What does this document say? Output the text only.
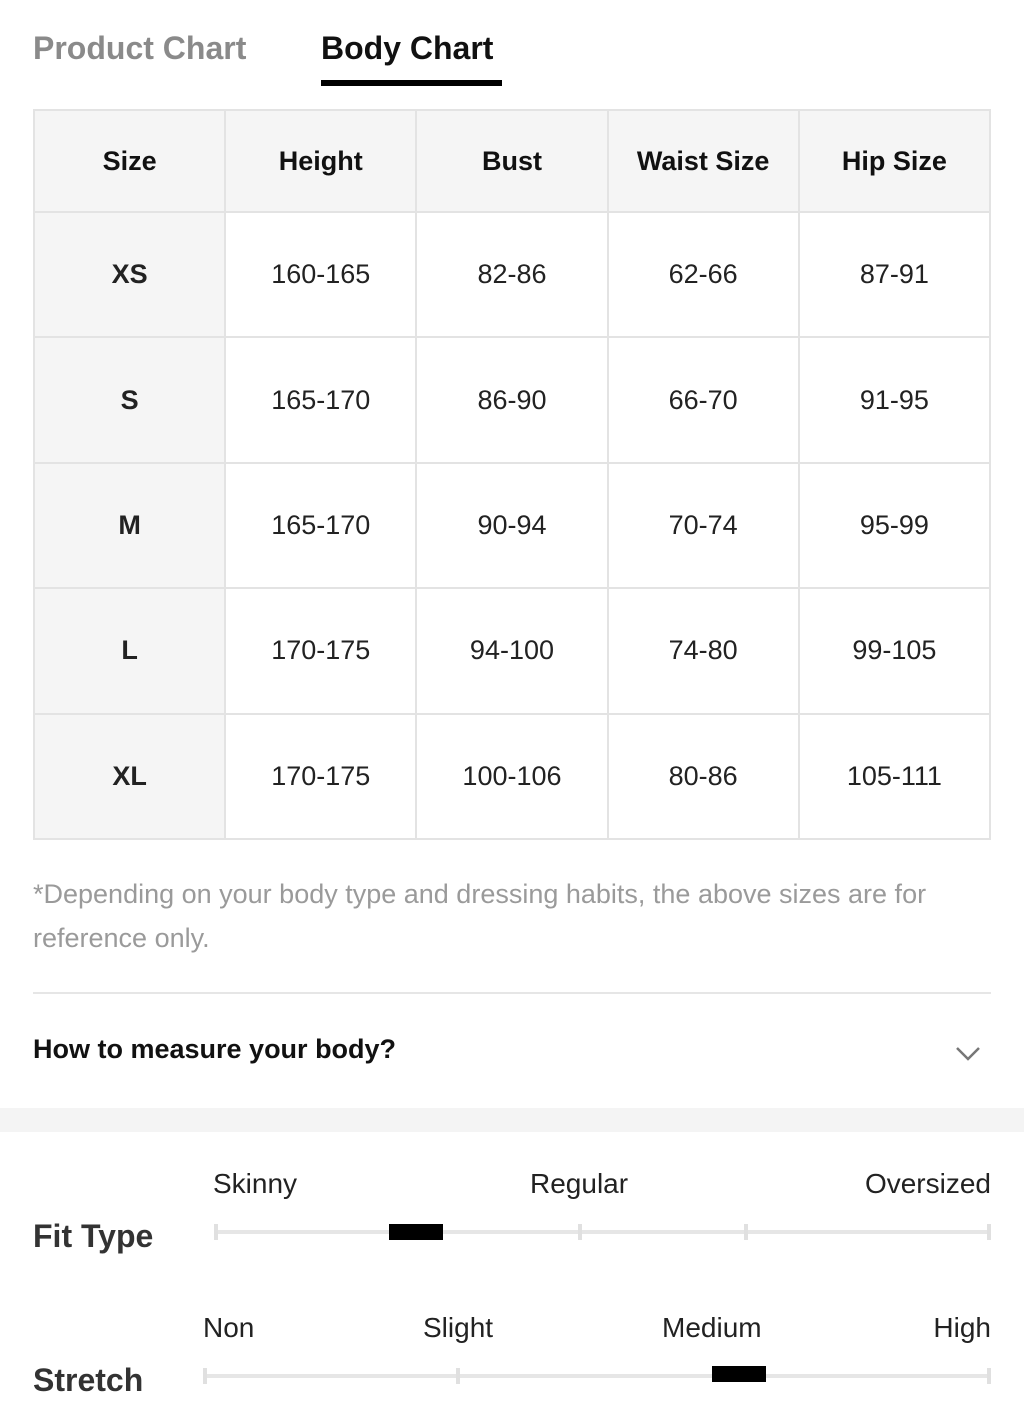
Product Chart Body Chart
Size	Height	Bust	Waist Size	Hip Size
XS	160-165	82-86	62-66	87-91
S	165-170	86-90	66-70	91-95
M	165-170	90-94	70-74	95-99
L	170-175	94-100	74-80	99-105
XL	170-175	100-106	80-86	105-111
*Depending on your body type and dressing habits, the above sizes are for reference only.
How to measure your body?
Fit Type
Skinny	Regular	Oversized
Stretch
Non	Slight	Medium	High
